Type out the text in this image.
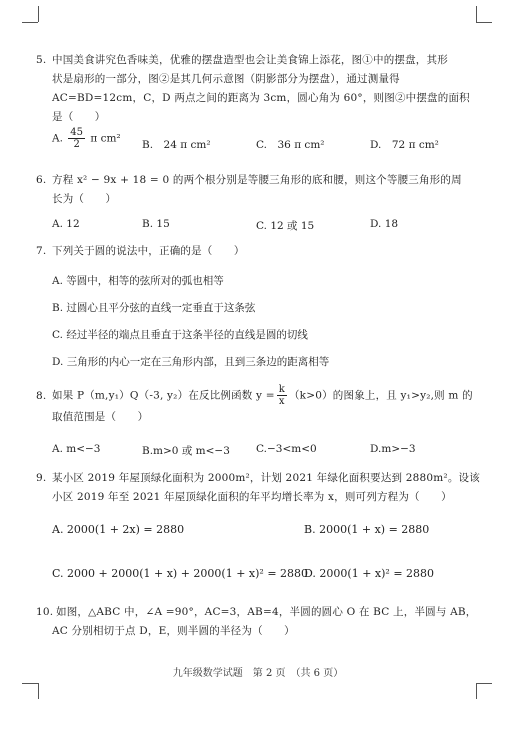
5. 中国美食讲究色香味美，优雅的摆盘造型也会让美食锦上添花，图①中的摆盘，其形
状是扇形的一部分，图②是其几何示意图（阴影部分为摆盘），通过测量得
AC=BD=12cm，C，D 两点之间的距离为 3cm，圆心角为 60°，则图②中摆盘的面积
是（　　）
A. $\frac{45}{2}$ π cm²
B.　24 π cm²	C.　36 π cm²	D.　72 π cm²
6. 方程 x² − 9x + 18 = 0 的两个根分别是等腰三角形的底和腰，则这个等腰三角形的周
长为（　　）
A. 12	B. 15	C. 12 或 15	D. 18
7. 下列关于圆的说法中，正确的是（　　）
A. 等圆中，相等的弦所对的弧也相等
B. 过圆心且平分弦的直线一定垂直于这条弦
C. 经过半径的端点且垂直于这条半径的直线是圆的切线
D. 三角形的内心一定在三角形内部，且到三条边的距离相等
8. 如果 P（m,y₁）Q（-3, y₂）在反比例函数 $y = \frac{k}{x} (k>0)$的图象上，且 y₁>y₂,则 m 的
取值范围是（　　）
A. m<−3	B.m>0 或 m<−3 C.−3<m<0	D.m>−3
9. 某小区 2019 年屋顶绿化面积为 2000m²，计划 2021 年绿化面积要达到 2880m²。设该
小区 2019 年至 2021 年屋顶绿化面积的年平均增长率为 x，则可列方程为（　　）
A. 2000(1 + 2x) = 2880	B. 2000(1 + x) = 2880
C. 2000 + 2000(1 + x) + 2000(1 + x)² = 2880
D. 2000(1 + x)² = 2880
10. 如图，△ABC 中，∠A =90°，AC=3，AB=4，半圆的圆心 O 在 BC 上，半圆与 AB，
AC 分别相切于点 D，E，则半圆的半径为（　　）
九年级数学试题　第 2 页　（共 6 页）
